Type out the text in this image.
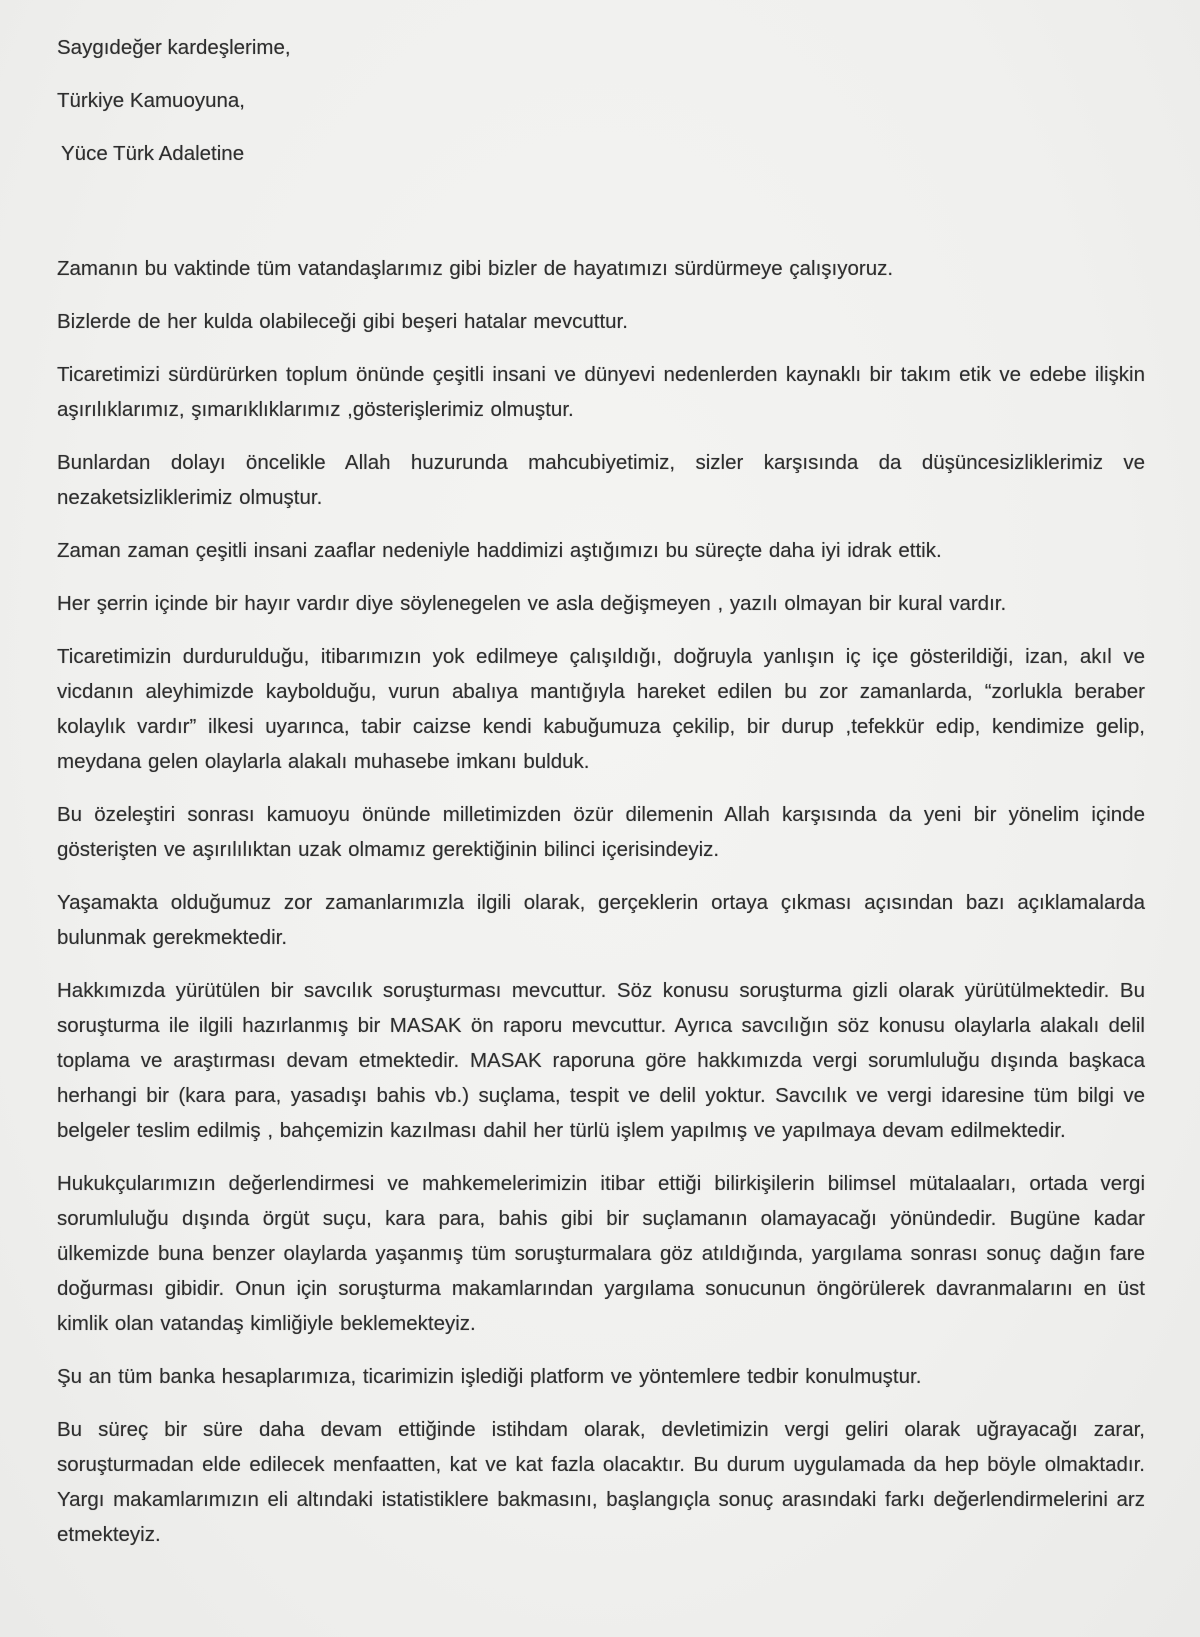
Saygıdeğer kardeşlerime,

Türkiye Kamuoyuna,

Yüce Türk Adaletine

Zamanın bu vaktinde tüm vatandaşlarımız gibi bizler de hayatımızı sürdürmeye çalışıyoruz.

Bizlerde de her kulda olabileceği gibi beşeri hatalar mevcuttur.

Ticaretimizi sürdürürken toplum önünde çeşitli insani ve dünyevi nedenlerden kaynaklı bir takım etik ve edebe ilişkin aşırılıklarımız, şımarıklıklarımız ,gösterişlerimiz olmuştur.

Bunlardan dolayı öncelikle Allah huzurunda mahcubiyetimiz, sizler karşısında da düşüncesizliklerimiz ve nezaketsizliklerimiz olmuştur.

Zaman zaman çeşitli insani zaaflar nedeniyle haddimizi aştığımızı bu süreçte daha iyi idrak ettik.

Her şerrin içinde bir hayır vardır diye söylenegelen ve asla değişmeyen , yazılı olmayan bir kural vardır.

Ticaretimizin durdurulduğu, itibarımızın yok edilmeye çalışıldığı, doğruyla yanlışın iç içe gösterildiği, izan, akıl ve vicdanın aleyhimizde kaybolduğu, vurun abalıya mantığıyla hareket edilen bu zor zamanlarda, “zorlukla beraber kolaylık vardır” ilkesi uyarınca, tabir caizse kendi kabuğumuza çekilip, bir durup ,tefekkür edip, kendimize gelip, meydana gelen olaylarla alakalı muhasebe imkanı bulduk.

Bu özeleştiri sonrası kamuoyu önünde milletimizden özür dilemenin Allah karşısında da yeni bir yönelim içinde gösterişten ve aşırılılıktan uzak olmamız gerektiğinin bilinci içerisindeyiz.

Yaşamakta olduğumuz zor zamanlarımızla ilgili olarak, gerçeklerin ortaya çıkması açısından bazı açıklamalarda bulunmak gerekmektedir.

Hakkımızda yürütülen bir savcılık soruşturması mevcuttur. Söz konusu soruşturma gizli olarak yürütülmektedir. Bu soruşturma ile ilgili hazırlanmış bir MASAK ön raporu mevcuttur. Ayrıca savcılığın söz konusu olaylarla alakalı delil toplama ve araştırması devam etmektedir. MASAK raporuna göre hakkımızda vergi sorumluluğu dışında başkaca herhangi bir (kara para, yasadışı bahis vb.) suçlama, tespit ve delil yoktur. Savcılık ve vergi idaresine tüm bilgi ve belgeler teslim edilmiş , bahçemizin kazılması dahil her türlü işlem yapılmış ve yapılmaya devam edilmektedir.

Hukukçularımızın değerlendirmesi ve mahkemelerimizin itibar ettiği bilirkişilerin bilimsel mütalaaları, ortada vergi sorumluluğu dışında örgüt suçu, kara para, bahis gibi bir suçlamanın olamayacağı yönündedir. Bugüne kadar ülkemizde buna benzer olaylarda yaşanmış tüm soruşturmalara göz atıldığında, yargılama sonrası sonuç dağın fare doğurması gibidir. Onun için soruşturma makamlarından yargılama sonucunun öngörülerek davranmalarını en üst kimlik olan vatandaş kimliğiyle beklemekteyiz.

Şu an tüm banka hesaplarımıza, ticarimizin işlediği platform ve yöntemlere tedbir konulmuştur.

Bu süreç bir süre daha devam ettiğinde istihdam olarak, devletimizin vergi geliri olarak uğrayacağı zarar, soruşturmadan elde edilecek menfaatten, kat ve kat fazla olacaktır. Bu durum uygulamada da hep böyle olmaktadır. Yargı makamlarımızın eli altındaki istatistiklere bakmasını, başlangıçla sonuç arasındaki farkı değerlendirmelerini arz etmekteyiz.
